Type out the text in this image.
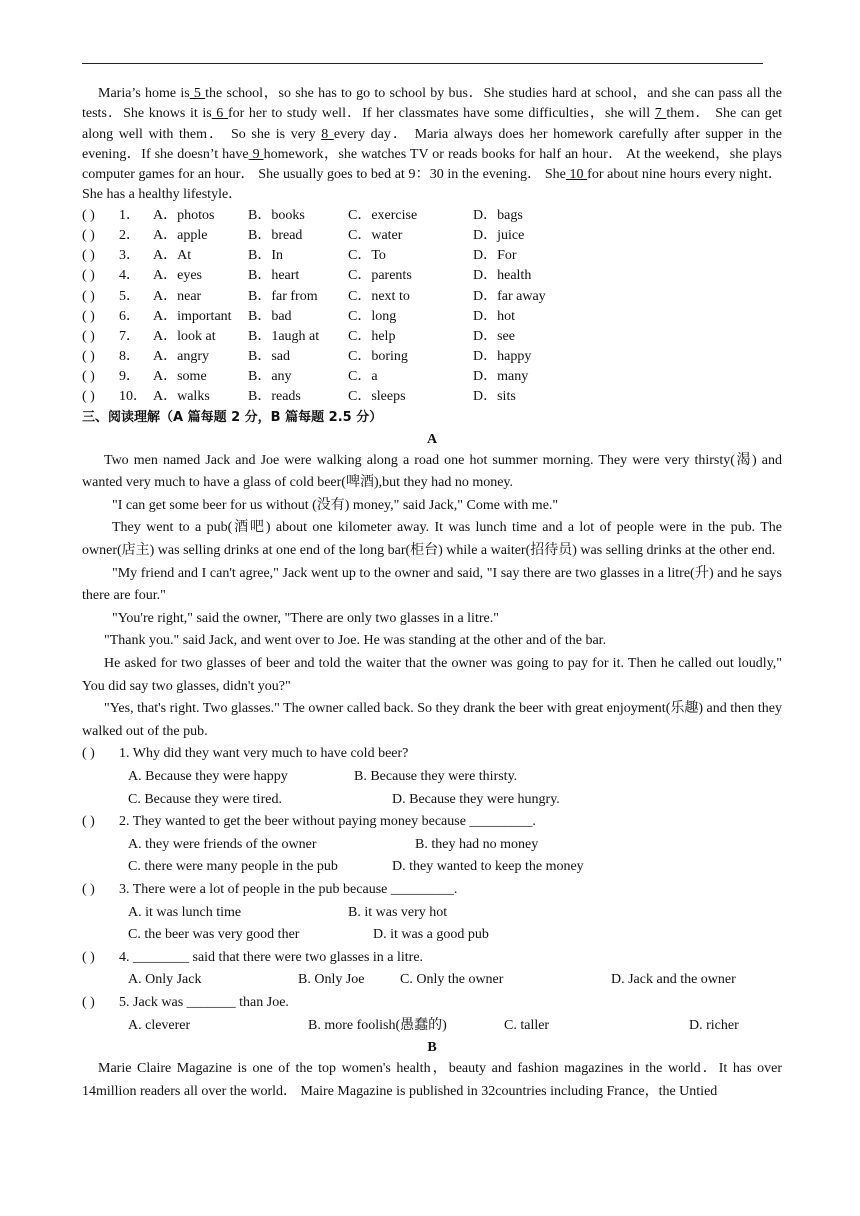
Maria’s home is 5 the school，so she has to go to school by bus．She studies hard at school，and she can pass all the tests．She knows it is 6 for her to study well．If her classmates have some difficulties，she will 7 them． She can get along well with them． So she is very 8 every day． Maria always does her homework carefully after supper in the evening．If she doesn’t have 9 homework，she watches TV or reads books for half an hour． At the weekend，she plays computer games for an hour． She usually goes to bed at 9：30 in the evening． She 10 for about nine hours every night． She has a healthy lifestyle．

( )	1． A．photos B．books	C．exercise	D．bags
( )	2． A．apple	B．bread	C．water	D．juice
( )	3． A．At	B．In	C．To	D．For
( )	4． A．eyes	B．heart	C．parents	D．health
( )	5． A．near	B．far from C．next to	D．far away
( )	6． A．important B．bad	C．long	D．hot
( )	7． A．look at B．1augh at C．help	D．see
( )	8． A．angry	B．sad	C．boring	D．happy
( )	9． A．some	B．any	C．a	D．many
( )	10． A．walks	B．reads	C．sleeps	D．sits
三、阅读理解（A 篇每题 2 分，B 篇每题 2.5 分）
A

Two men named Jack and Joe were walking along a road one hot summer morning. They were very thirsty(渴) and wanted very much to have a glass of cold beer(啤酒),but they had no money.

"I can get some beer for us without (没有) money," said Jack," Come with me."

They went to a pub(酒吧) about one kilometer away. It was lunch time and a lot of people were in the pub. The owner(店主) was selling drinks at one end of the long bar(柜台) while a waiter(招待员) was selling drinks at the other end.

"My friend and I can't agree," Jack went up to the owner and said, "I say there are two glasses in a litre(升) and he says there are four."

"You're right," said the owner, "There are only two glasses in a litre."

"Thank you." said Jack, and went over to Joe. He was standing at the other and of the bar.

He asked for two glasses of beer and told the waiter that the owner was going to pay for it. Then he called out loudly," You did say two glasses, didn't you?"

"Yes, that's right. Two glasses." The owner called back. So they drank the beer with great enjoyment(乐趣) and then they walked out of the pub.

( )	1. Why did they want very much to have cold beer?
A. Because they were happy	B. Because they were thirsty.
C. Because they were tired.	D. Because they were hungry.
( )	2. They wanted to get the beer without paying money because _________.
A. they were friends of the owner	B. they had no money
C. there were many people in the pub	D. they wanted to keep the money
( )	3. There were a lot of people in the pub because _________.
A. it was lunch time	B. it was very hot
C. the beer was very good ther	D. it was a good pub
( )	4. ________ said that there were two glasses in a litre.
A. Only Jack	B. Only Joe	C. Only the owner	D. Jack and the owner
( )	5. Jack was _______ than Joe.
A. cleverer	B. more foolish(愚蠢的)	C. taller	D. richer
B

Marie Claire Magazine is one of the top women's health，beauty and fashion magazines in the world．It has over 14million readers all over the world． Maire Magazine is published in 32countries including France，the Untied
